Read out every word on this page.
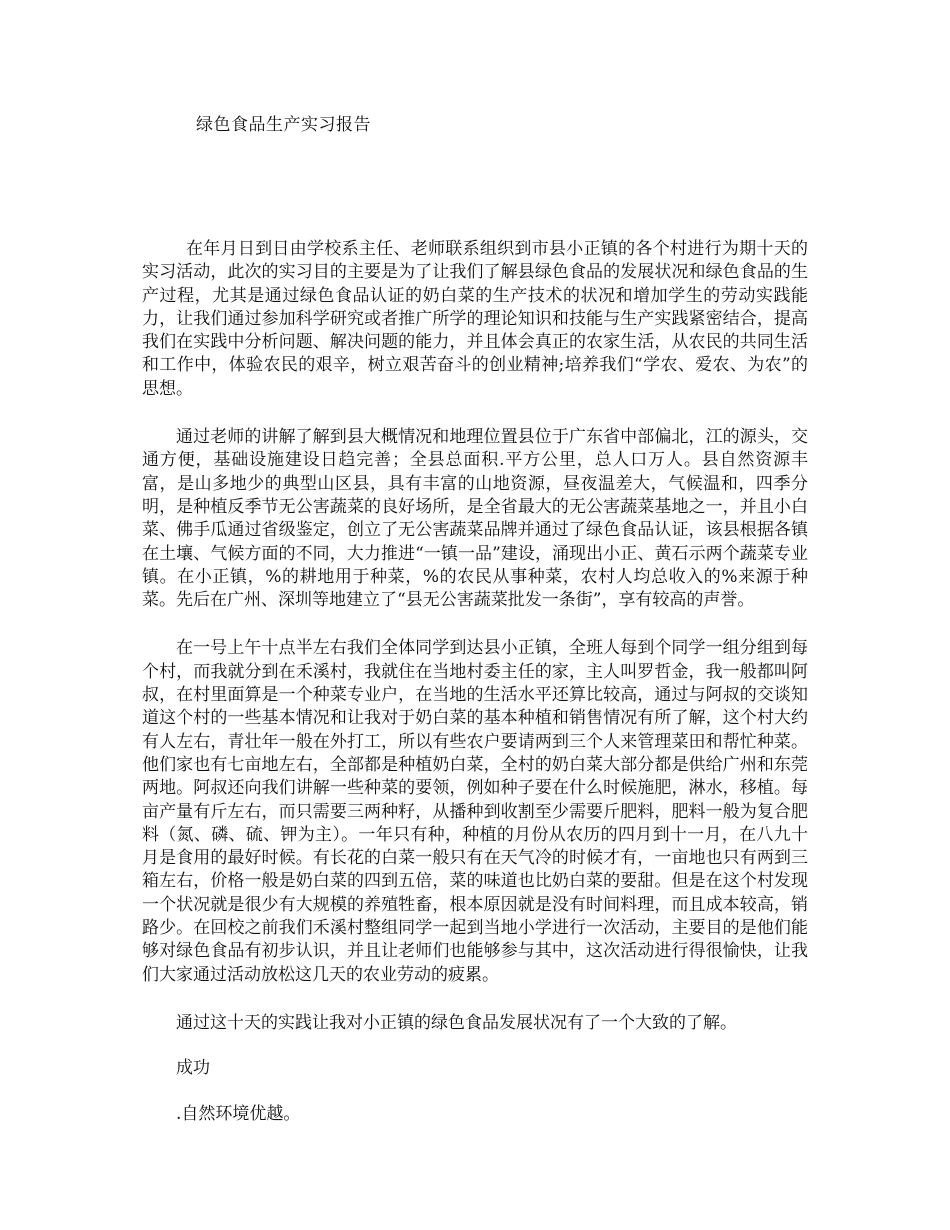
绿色食品生产实习报告

在年月日到日由学校系主任、老师联系组织到市县小正镇的各个村进行为期十天的实习活动，此次的实习目的主要是为了让我们了解县绿色食品的发展状况和绿色食品的生产过程，尤其是通过绿色食品认证的奶白菜的生产技术的状况和增加学生的劳动实践能力，让我们通过参加科学研究或者推广所学的理论知识和技能与生产实践紧密结合，提高我们在实践中分析问题、解决问题的能力，并且体会真正的农家生活，从农民的共同生活和工作中，体验农民的艰辛，树立艰苦奋斗的创业精神;培养我们“学农、爱农、为农”的思想。

通过老师的讲解了解到县大概情况和地理位置县位于广东省中部偏北，江的源头，交通方便，基础设施建设日趋完善；全县总面积.平方公里，总人口万人。县自然资源丰富，是山多地少的典型山区县，具有丰富的山地资源，昼夜温差大，气候温和，四季分明，是种植反季节无公害蔬菜的良好场所，是全省最大的无公害蔬菜基地之一，并且小白菜、佛手瓜通过省级鉴定，创立了无公害蔬菜品牌并通过了绿色食品认证，该县根据各镇在土壤、气候方面的不同，大力推进“一镇一品”建设，涌现出小正、黄石示两个蔬菜专业镇。在小正镇，%的耕地用于种菜，%的农民从事种菜，农村人均总收入的%来源于种菜。先后在广州、深圳等地建立了“县无公害蔬菜批发一条街”，享有较高的声誉。

在一号上午十点半左右我们全体同学到达县小正镇，全班人每到个同学一组分组到每个村，而我就分到在禾溪村，我就住在当地村委主任的家，主人叫罗哲金，我一般都叫阿叔，在村里面算是一个种菜专业户，在当地的生活水平还算比较高，通过与阿叔的交谈知道这个村的一些基本情况和让我对于奶白菜的基本种植和销售情况有所了解，这个村大约有人左右，青壮年一般在外打工，所以有些农户要请两到三个人来管理菜田和帮忙种菜。他们家也有七亩地左右，全部都是种植奶白菜，全村的奶白菜大部分都是供给广州和东莞两地。阿叔还向我们讲解一些种菜的要领，例如种子要在什么时候施肥，淋水，移植。每亩产量有斤左右，而只需要三两种籽，从播种到收割至少需要斤肥料，肥料一般为复合肥料（氮、磷、硫、钾为主）。一年只有种，种植的月份从农历的四月到十一月，在八九十月是食用的最好时候。有长花的白菜一般只有在天气冷的时候才有，一亩地也只有两到三箱左右，价格一般是奶白菜的四到五倍，菜的味道也比奶白菜的要甜。但是在这个村发现一个状况就是很少有大规模的养殖牲畜，根本原因就是没有时间料理，而且成本较高，销路少。在回校之前我们禾溪村整组同学一起到当地小学进行一次活动，主要目的是他们能够对绿色食品有初步认识，并且让老师们也能够参与其中，这次活动进行得很愉快，让我们大家通过活动放松这几天的农业劳动的疲累。

通过这十天的实践让我对小正镇的绿色食品发展状况有了一个大致的了解。

成功

.自然环境优越。
